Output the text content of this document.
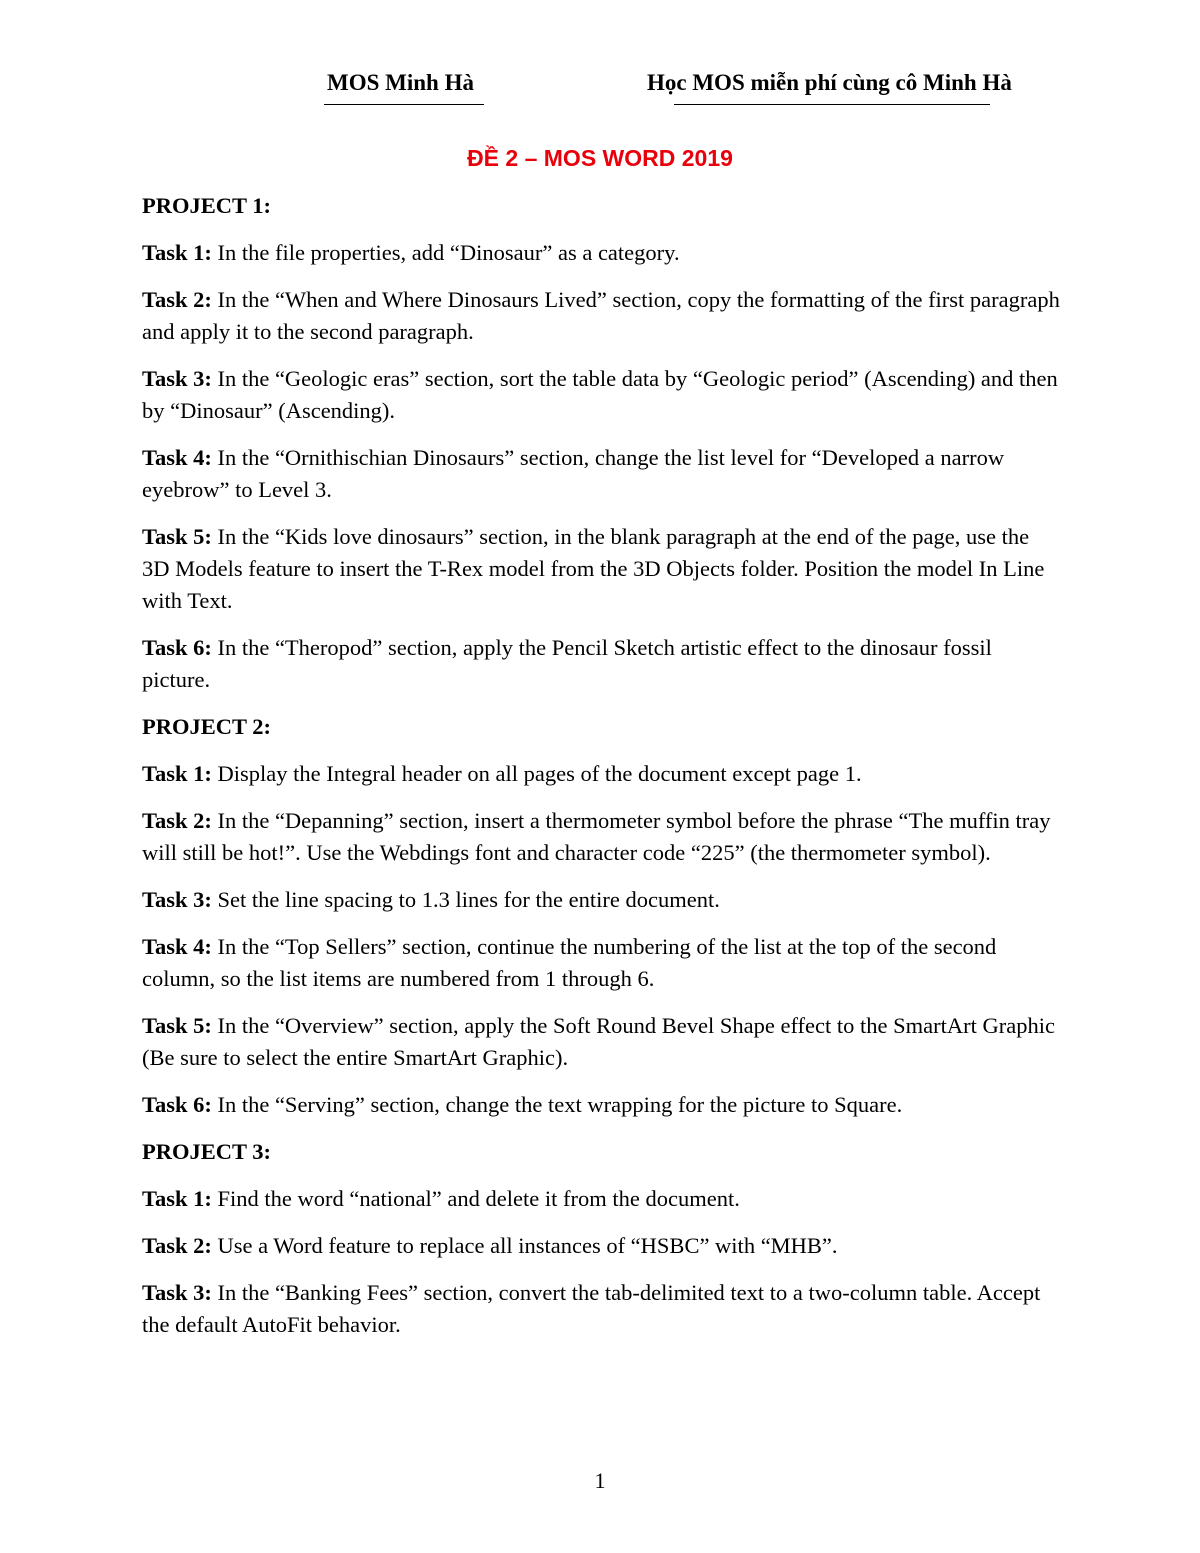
MOS Minh Hà	Học MOS miễn phí cùng cô Minh Hà
ĐỀ 2 – MOS WORD 2019
PROJECT 1:
Task 1: In the file properties, add “Dinosaur” as a category.
Task 2: In the “When and Where Dinosaurs Lived” section, copy the formatting of the first paragraph and apply it to the second paragraph.
Task 3: In the “Geologic eras” section, sort the table data by “Geologic period” (Ascending) and then by “Dinosaur” (Ascending).
Task 4: In the “Ornithischian Dinosaurs” section, change the list level for “Developed a narrow eyebrow” to Level 3.
Task 5: In the “Kids love dinosaurs” section, in the blank paragraph at the end of the page, use the 3D Models feature to insert the T-Rex model from the 3D Objects folder. Position the model In Line with Text.
Task 6: In the “Theropod” section, apply the Pencil Sketch artistic effect to the dinosaur fossil picture.
PROJECT 2:
Task 1: Display the Integral header on all pages of the document except page 1.
Task 2: In the “Depanning” section, insert a thermometer symbol before the phrase “The muffin tray will still be hot!”. Use the Webdings font and character code “225” (the thermometer symbol).
Task 3: Set the line spacing to 1.3 lines for the entire document.
Task 4: In the “Top Sellers” section, continue the numbering of the list at the top of the second column, so the list items are numbered from 1 through 6.
Task 5: In the “Overview” section, apply the Soft Round Bevel Shape effect to the SmartArt Graphic (Be sure to select the entire SmartArt Graphic).
Task 6: In the “Serving” section, change the text wrapping for the picture to Square.
PROJECT 3:
Task 1: Find the word “national” and delete it from the document.
Task 2: Use a Word feature to replace all instances of “HSBC” with “MHB”.
Task 3: In the “Banking Fees” section, convert the tab-delimited text to a two-column table. Accept the default AutoFit behavior.
1
